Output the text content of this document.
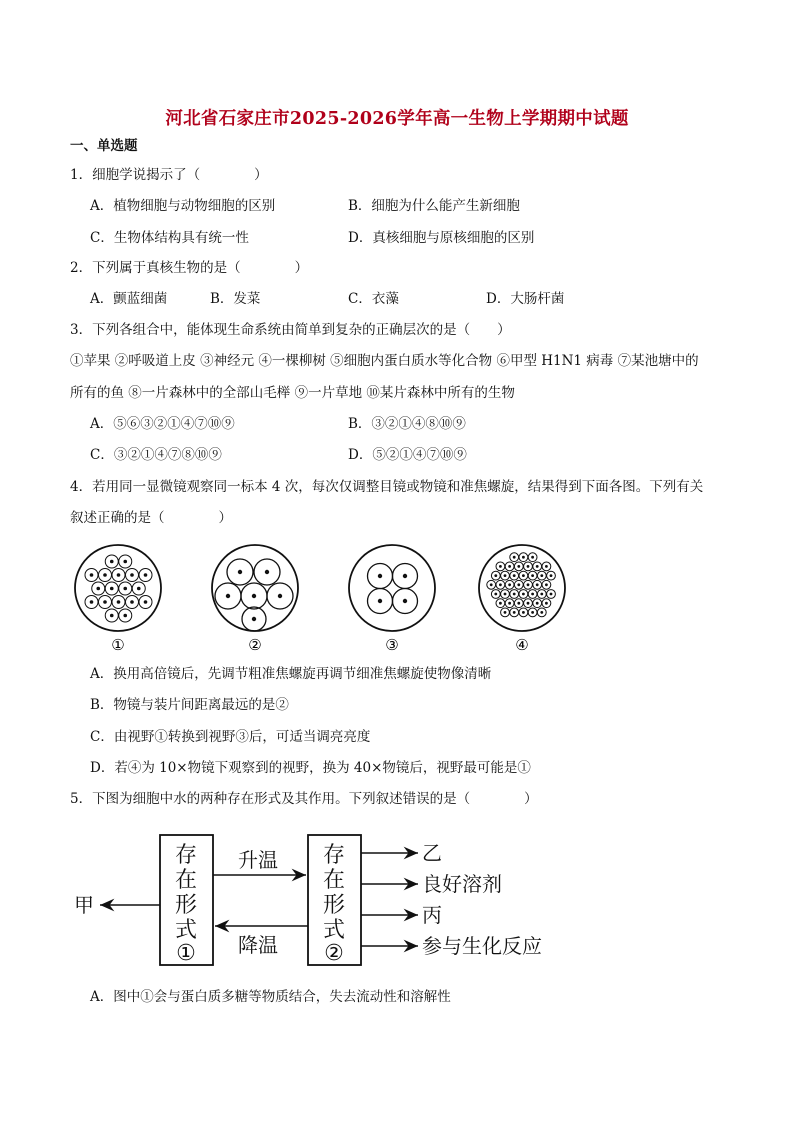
河北省石家庄市2025-2026学年高一生物上学期期中试题
一、单选题
1．细胞学说揭示了（　　　　）
A．植物细胞与动物细胞的区别	B．细胞为什么能产生新细胞
C．生物体结构具有统一性	D．真核细胞与原核细胞的区别
2．下列属于真核生物的是（　　　　）
A．颤蓝细菌	B．发菜	C．衣藻	D．大肠杆菌
3．下列各组合中，能体现生命系统由简单到复杂的正确层次的是（　　）
①苹果 ②呼吸道上皮 ③神经元 ④一棵柳树 ⑤细胞内蛋白质水等化合物 ⑥甲型 H1N1 病毒 ⑦某池塘中的
所有的鱼 ⑧一片森林中的全部山毛榉 ⑨一片草地 ⑩某片森林中所有的生物
A．⑤⑥③②①④⑦⑩⑨	B．③②①④⑧⑩⑨
C．③②①④⑦⑧⑩⑨	D．⑤②①④⑦⑩⑨
4．若用同一显微镜观察同一标本 4 次，每次仅调整目镜或物镜和准焦螺旋，结果得到下面各图。下列有关
叙述正确的是（　　　　）
①	②	③	④
A．换用高倍镜后，先调节粗准焦螺旋再调节细准焦螺旋使物像清晰
B．物镜与装片间距离最远的是②
C．由视野①转换到视野③后，可适当调亮亮度
D．若④为 10×物镜下观察到的视野，换为 40×物镜后，视野最可能是①
5．下图为细胞中水的两种存在形式及其作用。下列叙述错误的是（　　　　）
存
在
形
式
①
存
在
形
式
②
升温
降温
甲
乙
良好溶剂
丙
参与生化反应
A．图中①会与蛋白质多糖等物质结合，失去流动性和溶解性
